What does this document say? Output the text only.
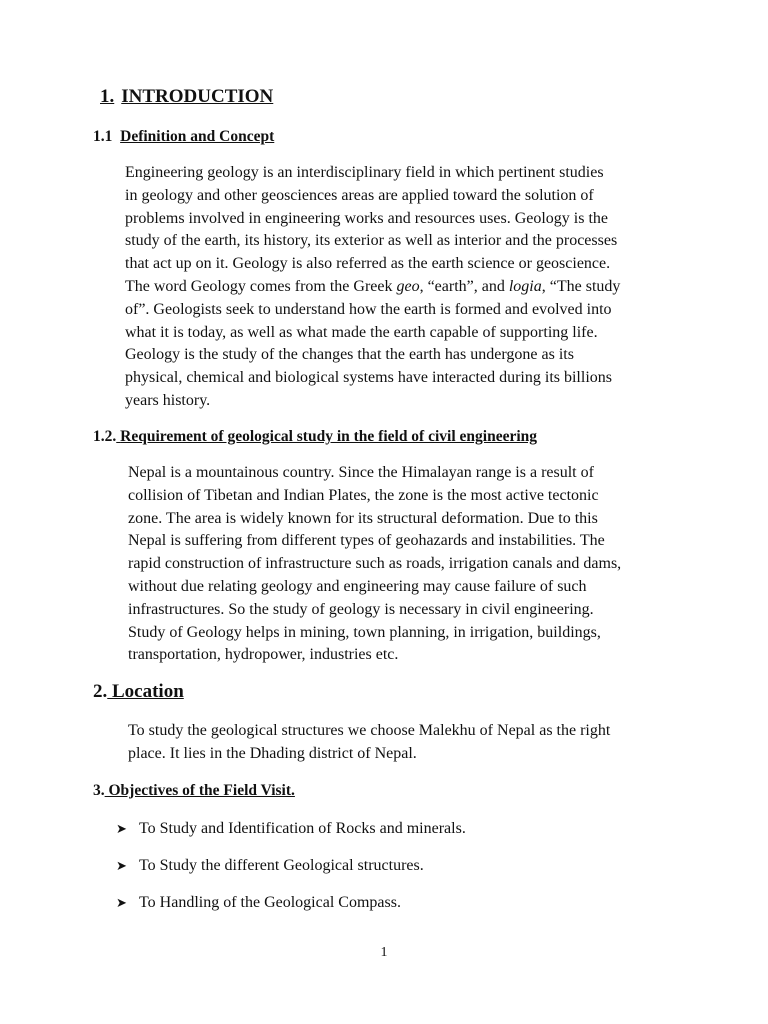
1. INTRODUCTION
1.1 Definition and Concept
Engineering geology is an interdisciplinary field in which pertinent studies
in geology and other geosciences areas are applied toward the solution of
problems involved in engineering works and resources uses. Geology is the
study of the earth, its history, its exterior as well as interior and the processes
that act up on it. Geology is also referred as the earth science or geoscience.
The word Geology comes from the Greek geo, “earth”, and logia, “The study
of”. Geologists seek to understand how the earth is formed and evolved into
what it is today, as well as what made the earth capable of supporting life.
Geology is the study of the changes that the earth has undergone as its
physical, chemical and biological systems have interacted during its billions
years history.
1.2. Requirement of geological study in the field of civil engineering
Nepal is a mountainous country. Since the Himalayan range is a result of
collision of Tibetan and Indian Plates, the zone is the most active tectonic
zone. The area is widely known for its structural deformation. Due to this
Nepal is suffering from different types of geohazards and instabilities. The
rapid construction of infrastructure such as roads, irrigation canals and dams,
without due relating geology and engineering may cause failure of such
infrastructures. So the study of geology is necessary in civil engineering.
Study of Geology helps in mining, town planning, in irrigation, buildings,
transportation, hydropower, industries etc.
2. Location
To study the geological structures we choose Malekhu of Nepal as the right
place. It lies in the Dhading district of Nepal.
3. Objectives of the Field Visit.
➤ To Study and Identification of Rocks and minerals.
➤ To Study the different Geological structures.
➤ To Handling of the Geological Compass.
1
